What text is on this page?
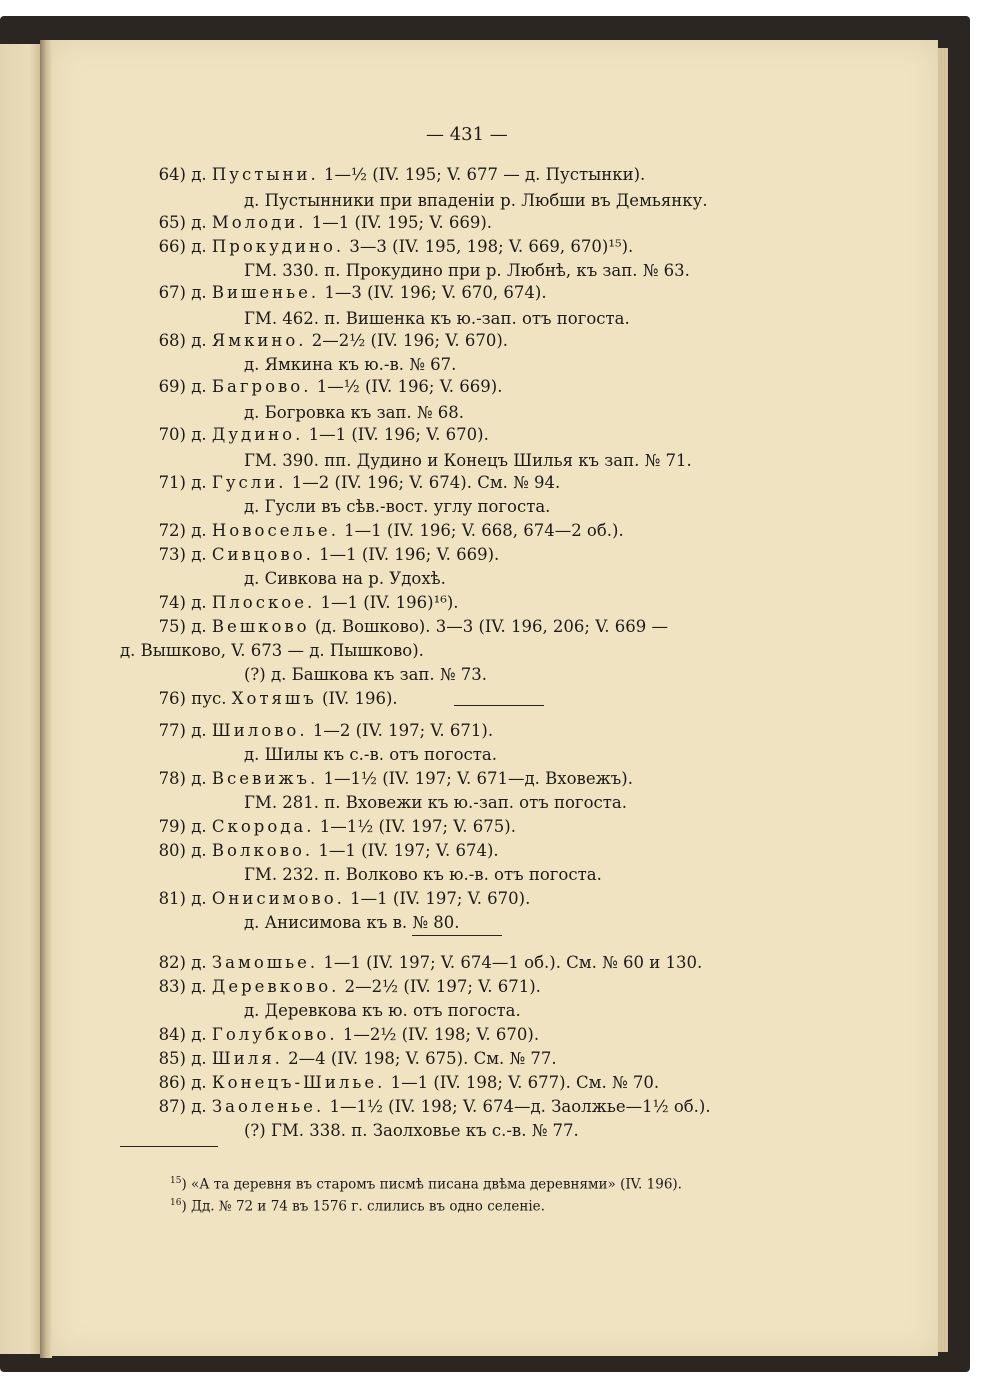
— 431 —
64) д. Пустыни. 1—½ (IV. 195; V. 677 — д. Пустынки).
д. Пустынники при впаденіи р. Любши въ Демьянку.
65) д. Молоди. 1—1 (IV. 195; V. 669).
66) д. Прокудино. 3—3 (IV. 195, 198; V. 669, 670)¹⁵).
ГМ. 330. п. Прокудино при р. Любнѣ, къ зап. № 63.
67) д. Вишенье. 1—3 (IV. 196; V. 670, 674).
ГМ. 462. п. Вишенка къ ю.-зап. отъ погоста.
68) д. Ямкино. 2—2½ (IV. 196; V. 670).
д. Ямкина къ ю.-в. № 67.
69) д. Багрово. 1—½ (IV. 196; V. 669).
д. Богровка къ зап. № 68.
70) д. Дудино. 1—1 (IV. 196; V. 670).
ГМ. 390. пп. Дудино и Конецъ Шилья къ зап. № 71.
71) д. Гусли. 1—2 (IV. 196; V. 674). См. № 94.
д. Гусли въ сѣв.-вост. углу погоста.
72) д. Новоселье. 1—1 (IV. 196; V. 668, 674—2 об.).
73) д. Сивцово. 1—1 (IV. 196; V. 669).
д. Сивкова на р. Удохѣ.
74) д. Плоское. 1—1 (IV. 196)¹⁶).
75) д. Вешково (д. Вошково). 3—3 (IV. 196, 206; V. 669 —
д. Вышково, V. 673 — д. Пышково).
(?) д. Башкова къ зап. № 73.
76) пус. Хотяшъ (IV. 196).
77) д. Шилово. 1—2 (IV. 197; V. 671).
д. Шилы къ с.-в. отъ погоста.
78) д. Всевижъ. 1—1½ (IV. 197; V. 671—д. Вховежъ).
ГМ. 281. п. Вховежи къ ю.-зап. отъ погоста.
79) д. Скорода. 1—1½ (IV. 197; V. 675).
80) д. Волково. 1—1 (IV. 197; V. 674).
ГМ. 232. п. Волково къ ю.-в. отъ погоста.
81) д. Онисимово. 1—1 (IV. 197; V. 670).
д. Анисимова къ в. № 80.
82) д. Замошье. 1—1 (IV. 197; V. 674—1 об.). См. № 60 и 130.
83) д. Деревково. 2—2½ (IV. 197; V. 671).
д. Деревкова къ ю. отъ погоста.
84) д. Голубково. 1—2½ (IV. 198; V. 670).
85) д. Шиля. 2—4 (IV. 198; V. 675). См. № 77.
86) д. Конецъ-Шилье. 1—1 (IV. 198; V. 677). См. № 70.
87) д. Заоленье. 1—1½ (IV. 198; V. 674—д. Заолжье—1½ об.).
(?) ГМ. 338. п. Заолховье къ с.-в. № 77.
$^{15}$) «А та деревня въ старомъ писмѣ писана двѣма деревнями» (IV. 196).
$^{16}$) Дд. № 72 и 74 въ 1576 г. слились въ одно селеніе.
